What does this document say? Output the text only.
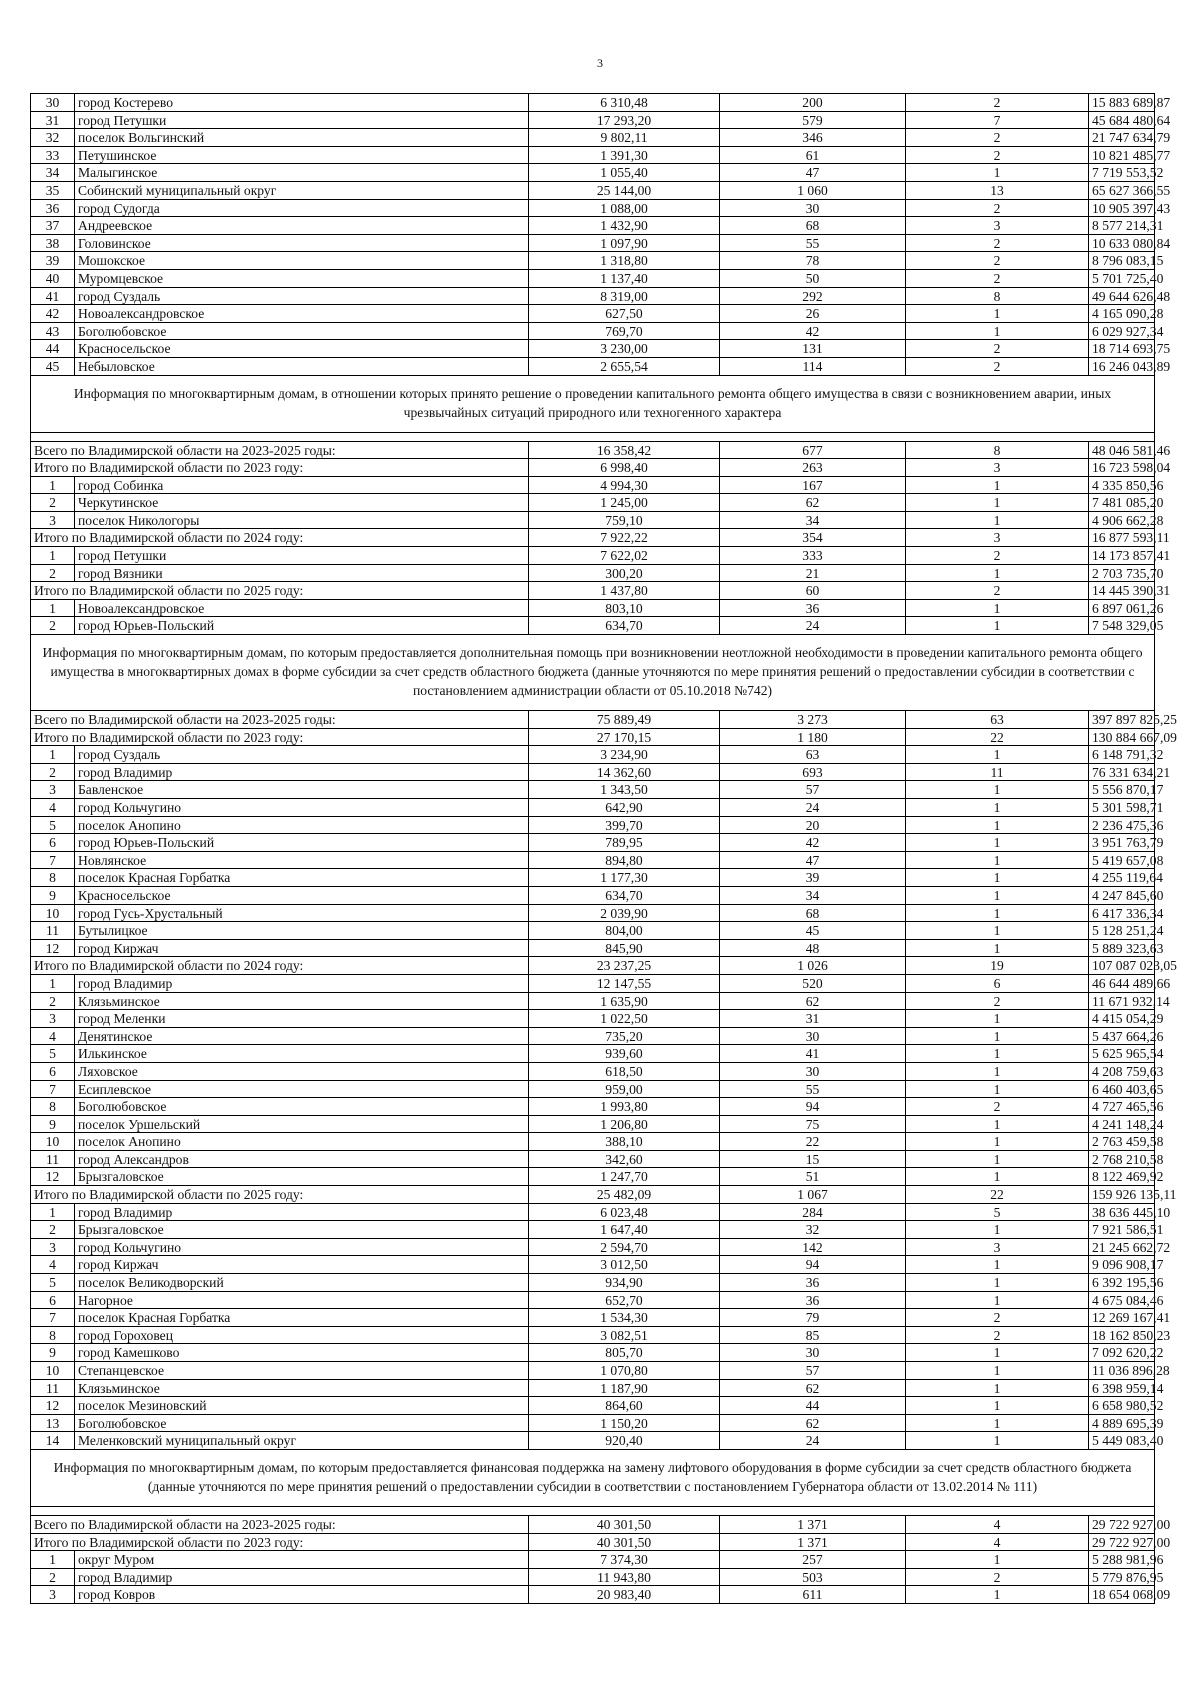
3
30	город Костерево	6 310,48	200	2	15 883 689,87
31	город Петушки	17 293,20	579	7	45 684 480,64
32	поселок Вольгинский	9 802,11	346	2	21 747 634,79
33	Петушинское	1 391,30	61	2	10 821 485,77
34	Малыгинское	1 055,40	47	1	7 719 553,52
35	Собинский муниципальный округ	25 144,00	1 060	13	65 627 366,55
36	город Судогда	1 088,00	30	2	10 905 397,43
37	Андреевское	1 432,90	68	3	8 577 214,31
38	Головинское	1 097,90	55	2	10 633 080,84
39	Мошокское	1 318,80	78	2	8 796 083,15
40	Муромцевское	1 137,40	50	2	5 701 725,40
41	город Суздаль	8 319,00	292	8	49 644 626,48
42	Новоалександровское	627,50	26	1	4 165 090,28
43	Боголюбовское	769,70	42	1	6 029 927,34
44	Красносельское	3 230,00	131	2	18 714 693,75
45	Небыловское	2 655,54	114	2	16 246 043,89
Информация по многоквартирным домам, в отношении которых принято решение о проведении капитального ремонта общего имущества в связи с возникновением аварии, иных чрезвычайных ситуаций природного или техногенного характера
Всего по Владимирской области на 2023-2025 годы:	16 358,42	677	8	48 046 581,46
Итого по Владимирской области по 2023 году:	6 998,40	263	3	16 723 598,04
1	город Собинка	4 994,30	167	1	4 335 850,56
2	Черкутинское	1 245,00	62	1	7 481 085,20
3	поселок Никологоры	759,10	34	1	4 906 662,28
Итого по Владимирской области по 2024 году:	7 922,22	354	3	16 877 593,11
1	город Петушки	7 622,02	333	2	14 173 857,41
2	город Вязники	300,20	21	1	2 703 735,70
Итого по Владимирской области по 2025 году:	1 437,80	60	2	14 445 390,31
1	Новоалександровское	803,10	36	1	6 897 061,26
2	город Юрьев-Польский	634,70	24	1	7 548 329,05
Информация по многоквартирным домам, по которым предоставляется дополнительная помощь при возникновении неотложной необходимости в проведении капитального ремонта общего имущества в многоквартирных домах в форме субсидии за счет средств областного бюджета (данные уточняются по мере принятия решений о предоставлении субсидии в соответствии с постановлением администрации области от 05.10.2018 №742)
Всего по Владимирской области на 2023-2025 годы:	75 889,49	3 273	63	397 897 825,25
Итого по Владимирской области по 2023 году:	27 170,15	1 180	22	130 884 667,09
1	город Суздаль	3 234,90	63	1	6 148 791,32
2	город Владимир	14 362,60	693	11	76 331 634,21
3	Бавленское	1 343,50	57	1	5 556 870,17
4	город Кольчугино	642,90	24	1	5 301 598,71
5	поселок Анопино	399,70	20	1	2 236 475,36
6	город Юрьев-Польский	789,95	42	1	3 951 763,79
7	Новлянское	894,80	47	1	5 419 657,08
8	поселок Красная Горбатка	1 177,30	39	1	4 255 119,64
9	Красносельское	634,70	34	1	4 247 845,60
10	город Гусь-Хрустальный	2 039,90	68	1	6 417 336,34
11	Бутылицкое	804,00	45	1	5 128 251,24
12	город Киржач	845,90	48	1	5 889 323,63
Итого по Владимирской области по 2024 году:	23 237,25	1 026	19	107 087 023,05
1	город Владимир	12 147,55	520	6	46 644 489,66
2	Клязьминское	1 635,90	62	2	11 671 932,14
3	город Меленки	1 022,50	31	1	4 415 054,29
4	Денятинское	735,20	30	1	5 437 664,26
5	Илькинское	939,60	41	1	5 625 965,54
6	Ляховское	618,50	30	1	4 208 759,63
7	Есиплевское	959,00	55	1	6 460 403,65
8	Боголюбовское	1 993,80	94	2	4 727 465,56
9	поселок Уршельский	1 206,80	75	1	4 241 148,24
10	поселок Анопино	388,10	22	1	2 763 459,58
11	город Александров	342,60	15	1	2 768 210,58
12	Брызгаловское	1 247,70	51	1	8 122 469,92
Итого по Владимирской области по 2025 году:	25 482,09	1 067	22	159 926 135,11
1	город Владимир	6 023,48	284	5	38 636 445,10
2	Брызгаловское	1 647,40	32	1	7 921 586,51
3	город Кольчугино	2 594,70	142	3	21 245 662,72
4	город Киржач	3 012,50	94	1	9 096 908,17
5	поселок Великодворский	934,90	36	1	6 392 195,56
6	Нагорное	652,70	36	1	4 675 084,46
7	поселок Красная Горбатка	1 534,30	79	2	12 269 167,41
8	город Гороховец	3 082,51	85	2	18 162 850,23
9	город Камешково	805,70	30	1	7 092 620,22
10	Степанцевское	1 070,80	57	1	11 036 896,28
11	Клязьминское	1 187,90	62	1	6 398 959,14
12	поселок Мезиновский	864,60	44	1	6 658 980,52
13	Боголюбовское	1 150,20	62	1	4 889 695,39
14	Меленковский муниципальный округ	920,40	24	1	5 449 083,40
Информация по многоквартирным домам, по которым предоставляется финансовая поддержка на замену лифтового оборудования в форме субсидии за счет средств областного бюджета (данные уточняются по мере принятия решений о предоставлении субсидии в соответствии с постановлением Губернатора области от 13.02.2014 № 111)
Всего по Владимирской области на 2023-2025 годы:	40 301,50	1 371	4	29 722 927,00
Итого по Владимирской области по 2023 году:	40 301,50	1 371	4	29 722 927,00
1	округ Муром	7 374,30	257	1	5 288 981,96
2	город Владимир	11 943,80	503	2	5 779 876,95
3	город Ковров	20 983,40	611	1	18 654 068,09
